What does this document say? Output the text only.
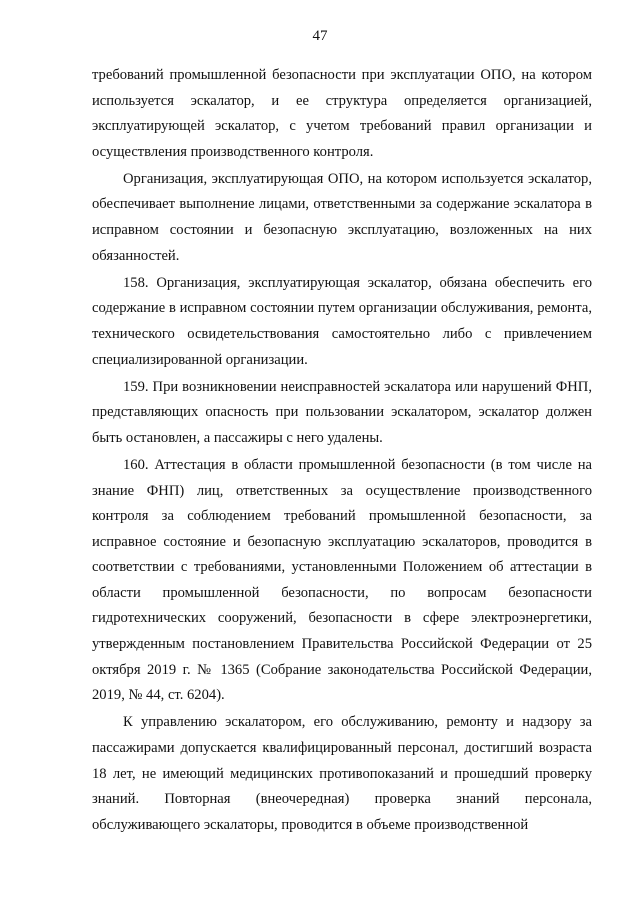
47

требований промышленной безопасности при эксплуатации ОПО, на котором используется эскалатор, и ее структура определяется организацией, эксплуатирующей эскалатор, с учетом требований правил организации и осуществления производственного контроля.

Организация, эксплуатирующая ОПО, на котором используется эскалатор, обеспечивает выполнение лицами, ответственными за содержание эскалатора в исправном состоянии и безопасную эксплуатацию, возложенных на них обязанностей.

158. Организация, эксплуатирующая эскалатор, обязана обеспечить его содержание в исправном состоянии путем организации обслуживания, ремонта, технического освидетельствования самостоятельно либо с привлечением специализированной организации.

159. При возникновении неисправностей эскалатора или нарушений ФНП, представляющих опасность при пользовании эскалатором, эскалатор должен быть остановлен, а пассажиры с него удалены.

160. Аттестация в области промышленной безопасности (в том числе на знание ФНП) лиц, ответственных за осуществление производственного контроля за соблюдением требований промышленной безопасности, за исправное состояние и безопасную эксплуатацию эскалаторов, проводится в соответствии с требованиями, установленными Положением об аттестации в области промышленной безопасности, по вопросам безопасности гидротехнических сооружений, безопасности в сфере электроэнергетики, утвержденным постановлением Правительства Российской Федерации от 25 октября 2019 г. № 1365 (Собрание законодательства Российской Федерации, 2019, № 44, ст. 6204).

К управлению эскалатором, его обслуживанию, ремонту и надзору за пассажирами допускается квалифицированный персонал, достигший возраста 18 лет, не имеющий медицинских противопоказаний и прошедший проверку знаний. Повторная (внеочередная) проверка знаний персонала, обслуживающего эскалаторы, проводится в объеме производственной
